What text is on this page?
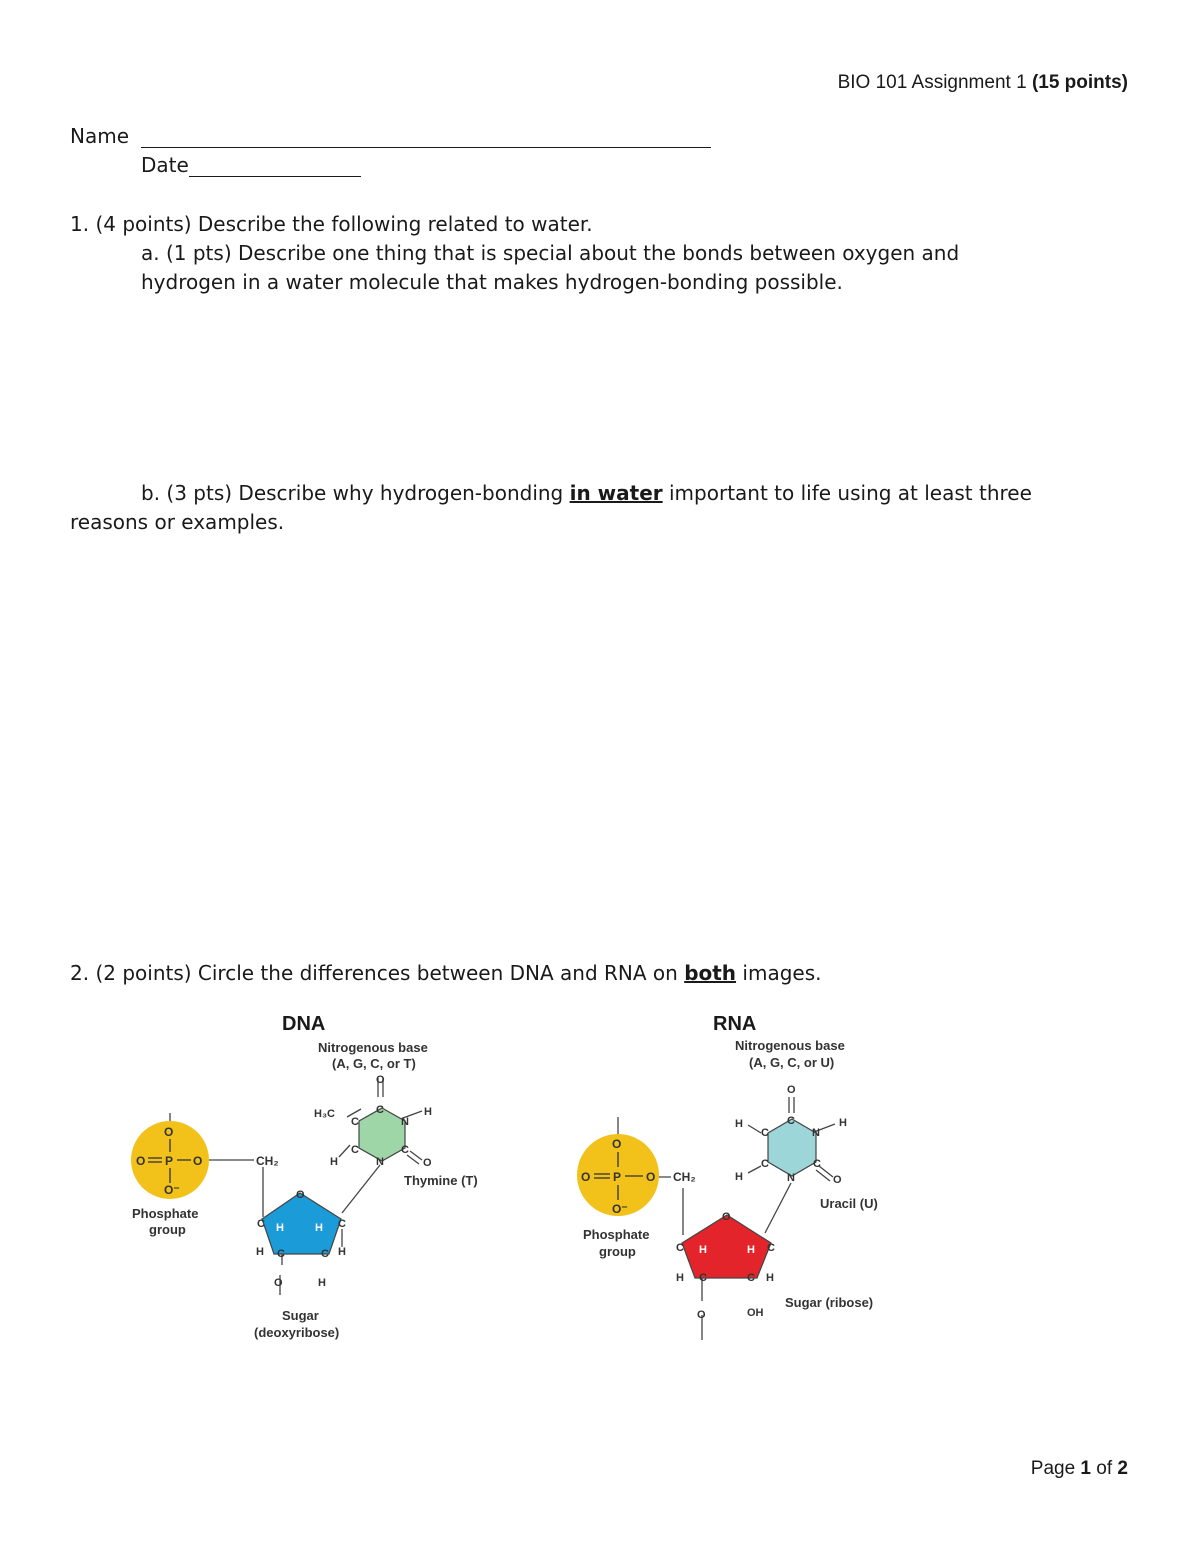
BIO 101 Assignment 1 (15 points)
Name
Date
1. (4 points) Describe the following related to water.
a. (1 pts) Describe one thing that is special about the bonds between oxygen and
hydrogen in a water molecule that makes hydrogen-bonding possible.
b. (3 pts) Describe why hydrogen-bonding in water important to life using at least three
reasons or examples.
2. (2 points) Circle the differences between DNA and RNA on both images.
DNA
Nitrogenous base
(A, G, C, or T)
O
O P O
O⁻
CH₂
Phosphate
group
O
C	C
H	H
C	C
H	H
H
O
Sugar
(deoxyribose)
O
C
N
H
C
O
N
C
H
C
H₃C
Thymine (T)
RNA
Nitrogenous base
(A, G, C, or U)
O
O P O
O⁻
CH₂
Phosphate
group
O
C	C
H	H
C	C
H	H
O	OH
Sugar (ribose)
O
C
N
H
C
O
N
C
H
C
H
Uracil (U)
Page 1 of 2
